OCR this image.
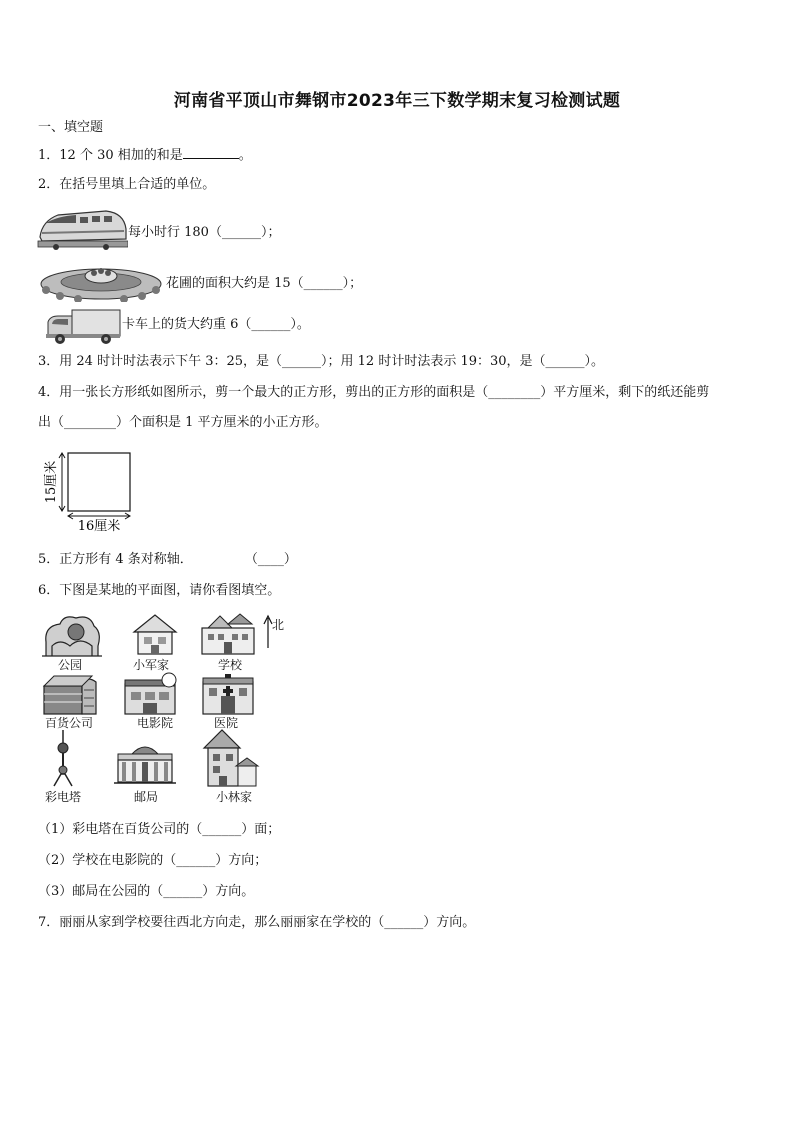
河南省平顶山市舞钢市2023年三下数学期末复习检测试题
一、填空题
1．12 个 30 相加的和是	。
2．在括号里填上合适的单位。
每小时行 180（______）；
花圃的面积大约是 15（______）；
卡车上的货大约重 6（______）。
3．用 24 时计时法表示下午 3：25，是（______）；用 12 时计时法表示 19：30，是（______）。
4．用一张长方形纸如图所示，剪一个最大的正方形，剪出的正方形的面积是（________）平方厘米，剩下的纸还能剪
出（________）个面积是 1 平方厘米的小正方形。
15厘米
16厘米
5．正方形有 4 条对称轴．	（____）
6．下图是某地的平面图，请你看图填空。
公园	小军家	学校
北
百货公司	电影院	医院
彩电塔	邮局	小林家
（1）彩电塔在百货公司的（______）面；
（2）学校在电影院的（______）方向；
（3）邮局在公园的（______）方向。
7．丽丽从家到学校要往西北方向走，那么丽丽家在学校的（______）方向。
